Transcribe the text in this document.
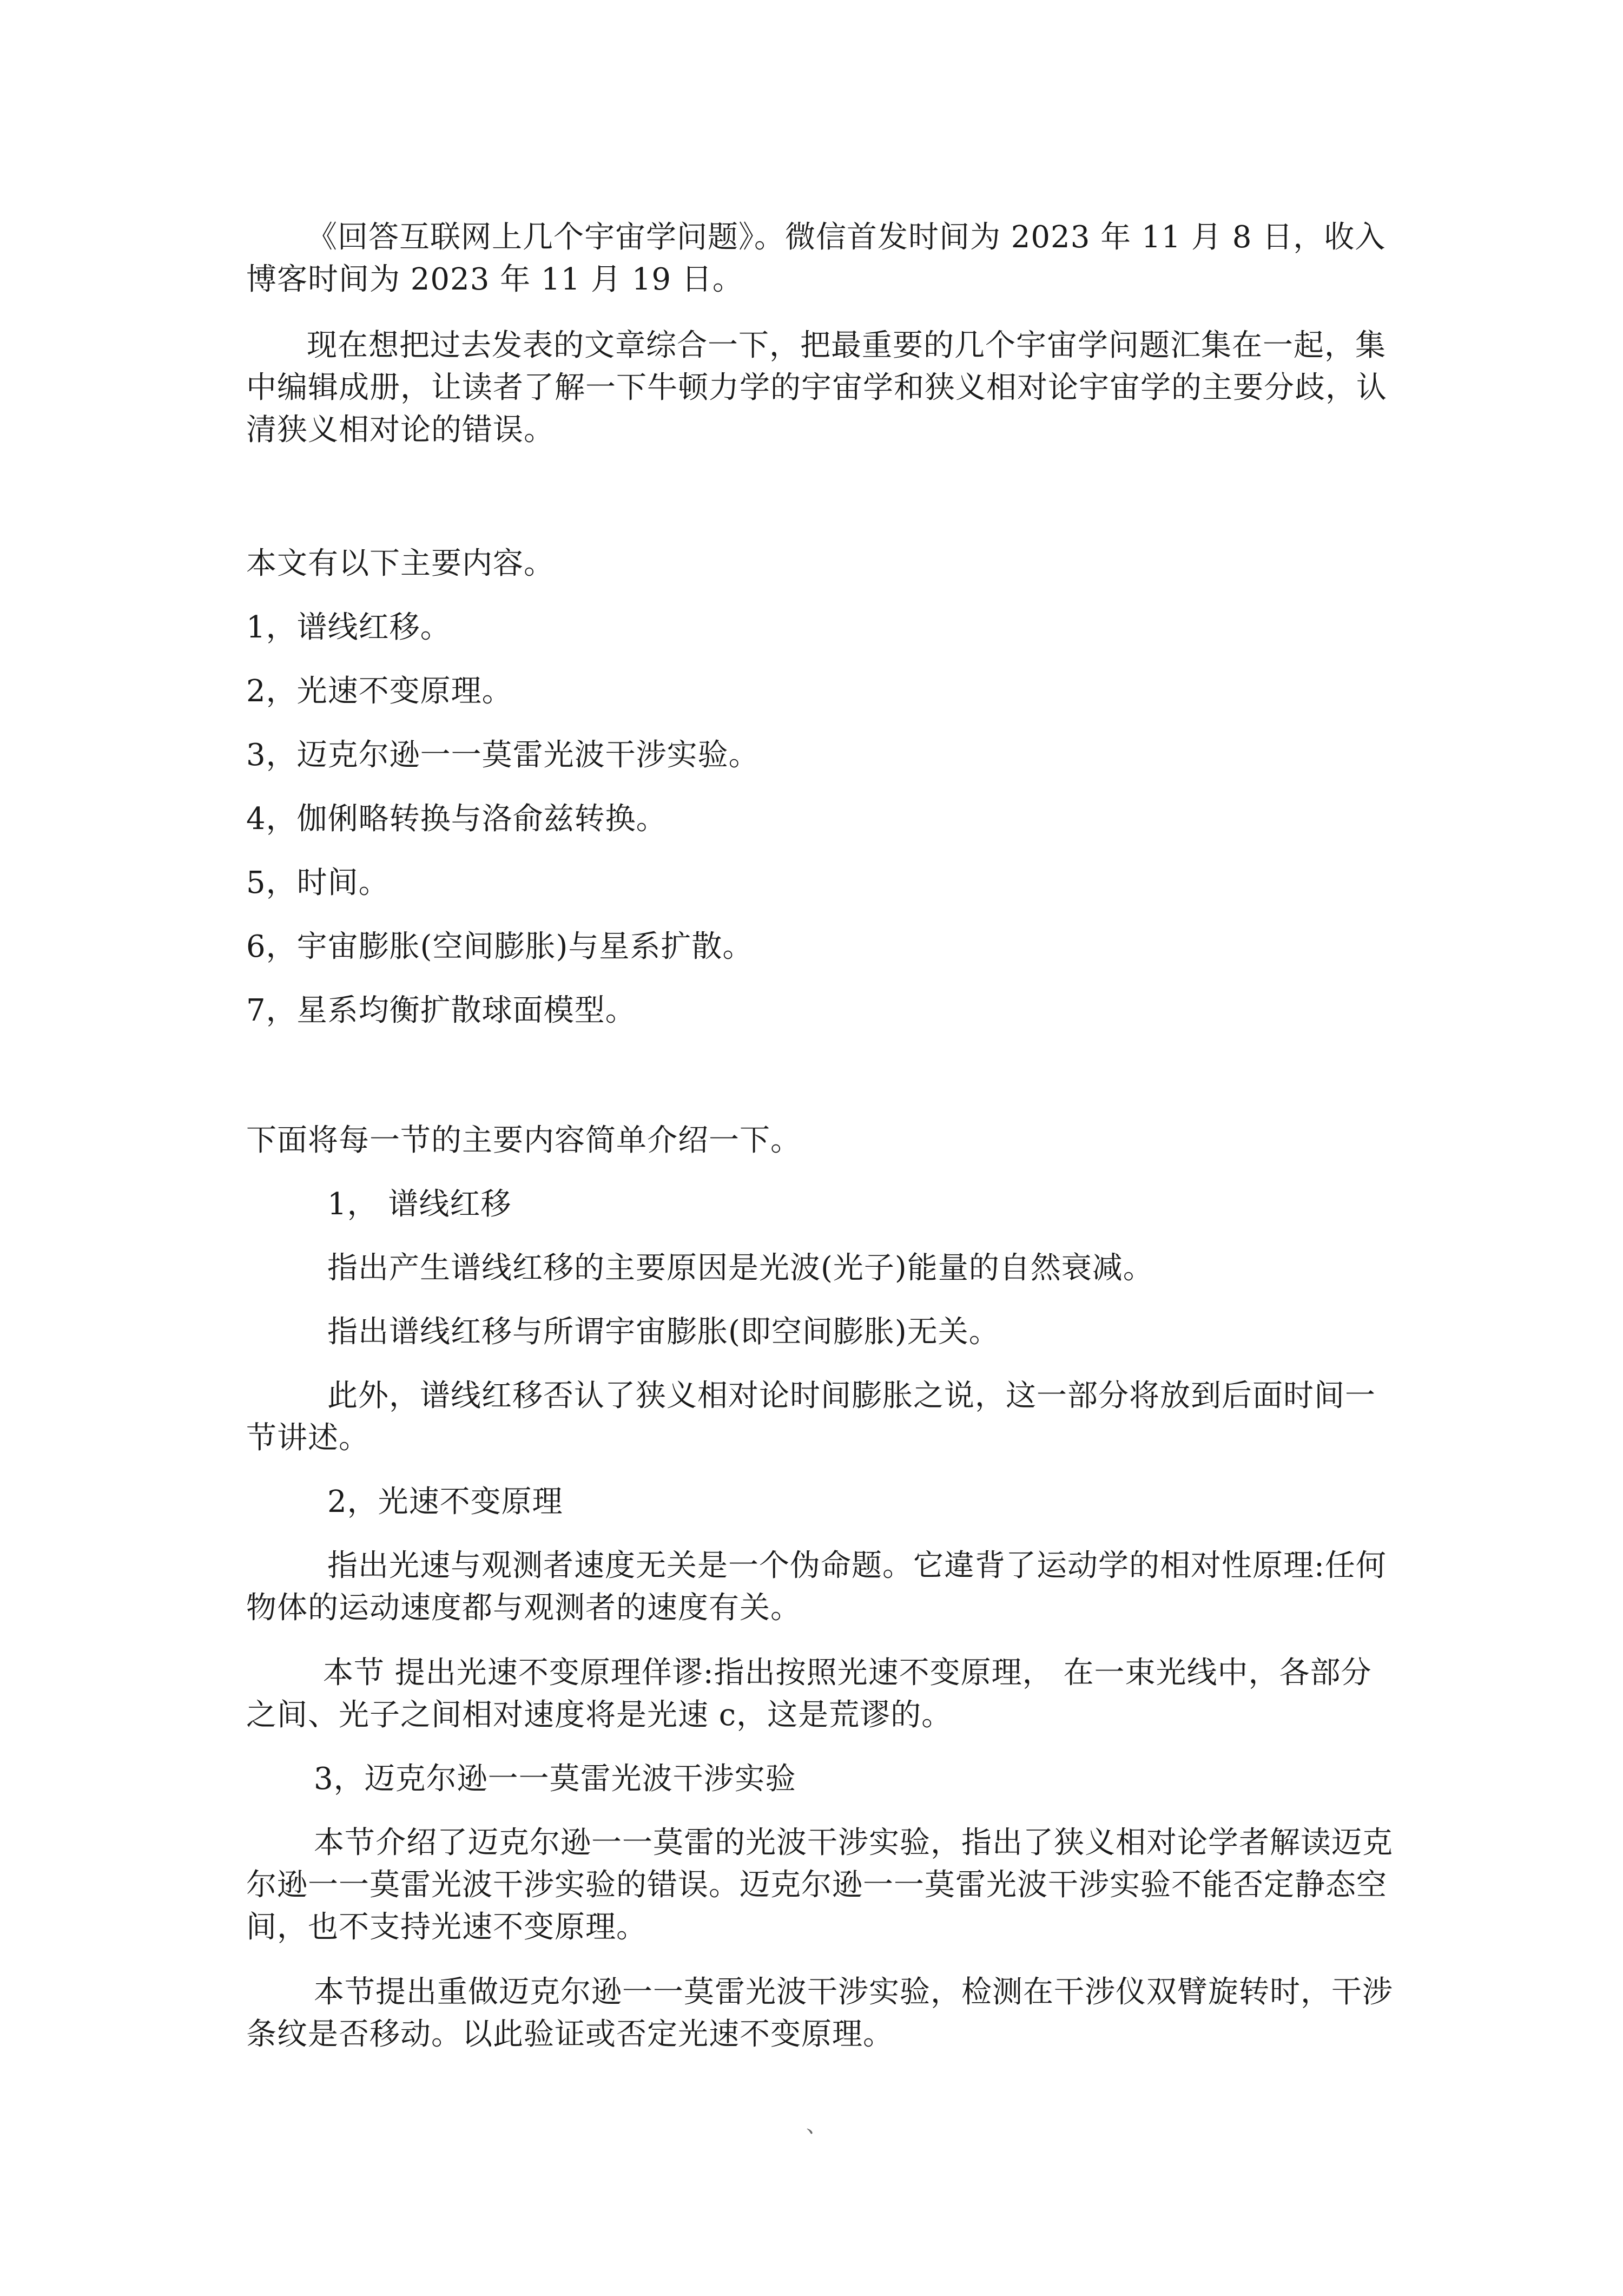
《回答互联网上几个宇宙学问题》。微信首发时间为 2023 年 11 月 8 日，收入博客时间为 2023 年 11 月 19 日。

现在想把过去发表的文章综合一下，把最重要的几个宇宙学问题汇集在一起，集中编辑成册，让读者了解一下牛顿力学的宇宙学和狭义相对论宇宙学的主要分歧，认清狭义相对论的错误。

本文有以下主要内容。

1，谱线红移。

2，光速不变原理。

3，迈克尔逊一一莫雷光波干涉实验。

4，伽俐略转换与洛俞兹转换。

5，时间。

6，宇宙膨胀(空间膨胀)与星系扩散。

7，星系均衡扩散球面模型。

下面将每一节的主要内容简单介绍一下。

1， 谱线红移

指出产生谱线红移的主要原因是光波(光子)能量的自然衰减。

指出谱线红移与所谓宇宙膨胀(即空间膨胀)无关。

此外，谱线红移否认了狭义相对论时间膨胀之说，这一部分将放到后面时间一节讲述。

2，光速不变原理

指出光速与观测者速度无关是一个伪命题。它違背了运动学的相对性原理:任何物体的运动速度都与观测者的速度有关。

本节 提出光速不变原理佯谬:指出按照光速不变原理， 在一束光线中，各部分之间、光子之间相对速度将是光速 c，这是荒谬的。

3，迈克尔逊一一莫雷光波干涉实验

本节介绍了迈克尔逊一一莫雷的光波干涉实验，指出了狭义相对论学者解读迈克尔逊一一莫雷光波干涉实验的错误。迈克尔逊一一莫雷光波干涉实验不能否定静态空间，也不支持光速不变原理。

本节提出重做迈克尔逊一一莫雷光波干涉实验，检测在干涉仪双臂旋转时，干涉条纹是否移动。以此验证或否定光速不变原理。

、
